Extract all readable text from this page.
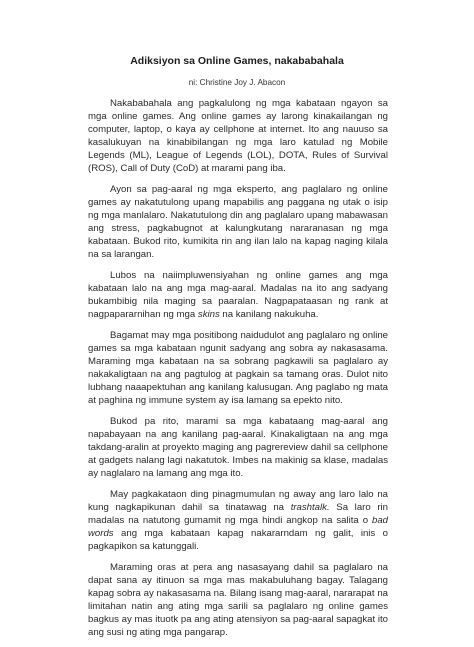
Adiksiyon sa Online Games, nakababahala

ni: Christine Joy J. Abacon

Nakababahala ang pagkalulong ng mga kabataan ngayon sa mga online games. Ang online games ay larong kinakailangan ng computer, laptop, o kaya ay cellphone at internet. Ito ang nauuso sa kasalukuyan na kinabibilangan ng mga laro katulad ng Mobile Legends (ML), League of Legends (LOL), DOTA, Rules of Survival (ROS), Call of Duty (CoD) at marami pang iba.

Ayon sa pag-aaral ng mga eksperto, ang paglalaro ng online games ay nakatutulong upang mapabilis ang paggana ng utak o isip ng mga manlalaro. Nakatutulong din ang paglalaro upang mabawasan ang stress, pagkabugnot at kalungkutang nararanasan ng mga kabataan. Bukod rito, kumikita rin ang ilan lalo na kapag naging kilala na sa larangan.

Lubos na naiimpluwensiyahan ng online games ang mga kabataan lalo na ang mga mag-aaral. Madalas na ito ang sadyang bukambibig nila maging sa paaralan. Nagpapataasan ng rank at nagpapararnihan ng mga skins na kanilang nakukuha.

Bagamat may mga positibong naidudulot ang paglalaro ng online games sa mga kabataan ngunit sadyang ang sobra ay nakasasama. Maraming mga kabataan na sa sobrang pagkawili sa paglalaro ay nakakaligtaan na ang pagtulog at pagkain sa tamang oras. Dulot nito lubhang naaapektuhan ang kanilang kalusugan. Ang paglabo ng mata at paghina ng immune system ay isa lamang sa epekto nito.

Bukod pa rito, marami sa mga kabataang mag-aaral ang napabayaan na ang kanilang pag-aaral. Kinakaligtaan na ang mga takdang-aralin at proyekto maging ang pagrereview dahil sa cellphone at gadgets nalang lagi nakatutok. Imbes na makinig sa klase, madalas ay naglalaro na lamang ang mga ito.

May pagkakataon ding pinagmumulan ng away ang laro lalo na kung nagkapikunan dahil sa tinatawag na trashtalk. Sa laro rin madalas na natutong gumamit ng mga hindi angkop na salita o bad words ang mga kabataan kapag nakararndam ng galit, inis o pagkapikon sa katunggali.

Maraming oras at pera ang nasasayang dahil sa paglalaro na dapat sana ay itinuon sa mga mas makabuluhang bagay. Talagang kapag sobra ay nakasasama na. Bilang isang mag-aaral, nararapat na limitahan natin ang ating mga sarili sa paglalaro ng online games bagkus ay mas ituotk pa ang ating atensiyon sa pag-aaral sapagkat ito ang susi ng ating mga pangarap.
